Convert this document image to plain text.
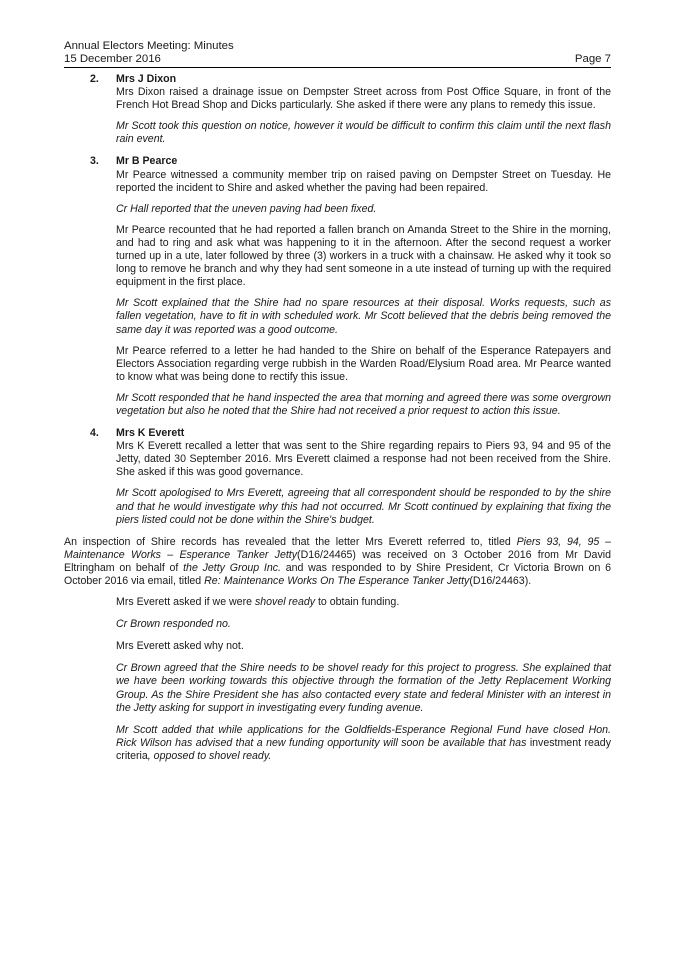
Annual Electors Meeting: Minutes
15 December 2016	Page 7
2.	Mrs J Dixon

Mrs Dixon raised a drainage issue on Dempster Street across from Post Office Square, in front of the French Hot Bread Shop and Dicks particularly. She asked if there were any plans to remedy this issue.

Mr Scott took this question on notice, however it would be difficult to confirm this claim until the next flash rain event.

3.	Mr B Pearce

Mr Pearce witnessed a community member trip on raised paving on Dempster Street on Tuesday. He reported the incident to Shire and asked whether the paving had been repaired.

Cr Hall reported that the uneven paving had been fixed.

Mr Pearce recounted that he had reported a fallen branch on Amanda Street to the Shire in the morning, and had to ring and ask what was happening to it in the afternoon. After the second request a worker turned up in a ute, later followed by three (3) workers in a truck with a chainsaw. He asked why it took so long to remove he branch and why they had sent someone in a ute instead of turning up with the required equipment in the first place.

Mr Scott explained that the Shire had no spare resources at their disposal. Works requests, such as fallen vegetation, have to fit in with scheduled work. Mr Scott believed that the debris being removed the same day it was reported was a good outcome.

Mr Pearce referred to a letter he had handed to the Shire on behalf of the Esperance Ratepayers and Electors Association regarding verge rubbish in the Warden Road/Elysium Road area. Mr Pearce wanted to know what was being done to rectify this issue.

Mr Scott responded that he hand inspected the area that morning and agreed there was some overgrown vegetation but also he noted that the Shire had not received a prior request to action this issue.

4.	Mrs K Everett

Mrs K Everett recalled a letter that was sent to the Shire regarding repairs to Piers 93, 94 and 95 of the Jetty, dated 30 September 2016. Mrs Everett claimed a response had not been received from the Shire. She asked if this was good governance.

Mr Scott apologised to Mrs Everett, agreeing that all correspondent should be responded to by the shire and that he would investigate why this had not occurred. Mr Scott continued by explaining that fixing the piers listed could not be done within the Shire's budget.

An inspection of Shire records has revealed that the letter Mrs Everett referred to, titled Piers 93, 94, 95 – Maintenance Works – Esperance Tanker Jetty(D16/24465) was received on 3 October 2016 from Mr David Eltringham on behalf of the Jetty Group Inc. and was responded to by Shire President, Cr Victoria Brown on 6 October 2016 via email, titled Re: Maintenance Works On The Esperance Tanker Jetty(D16/24463).

Mrs Everett asked if we were shovel ready to obtain funding.

Cr Brown responded no.

Mrs Everett asked why not.

Cr Brown agreed that the Shire needs to be shovel ready for this project to progress. She explained that we have been working towards this objective through the formation of the Jetty Replacement Working Group. As the Shire President she has also contacted every state and federal Minister with an interest in the Jetty asking for support in investigating every funding avenue.

Mr Scott added that while applications for the Goldfields-Esperance Regional Fund have closed Hon. Rick Wilson has advised that a new funding opportunity will soon be available that has investment ready criteria, opposed to shovel ready.
